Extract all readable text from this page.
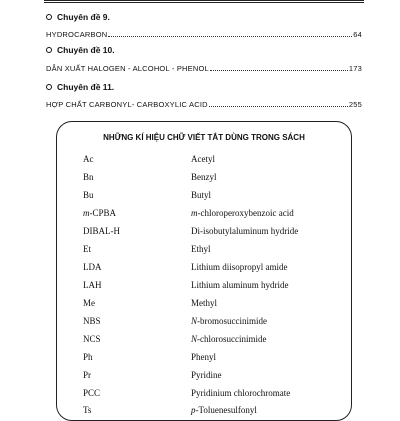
Chuyên đề 9.
HYDROCARBON	64
Chuyên đề 10.
DẪN XUẤT HALOGEN - ALCOHOL - PHENOL	173
Chuyên đề 11.
HỢP CHẤT CARBONYL- CARBOXYLIC ACID	255
NHỮNG KÍ HIỆU CHỮ VIẾT TẮT DÙNG TRONG SÁCH
Ac	Acetyl
Bn	Benzyl
Bu	Butyl
m-CPBA	m-chloroperoxybenzoic acid
DIBAL-H	Di-isobutylaluminum hydride
Et	Ethyl
LDA	Lithium diisopropyl amide
LAH	Lithium aluminum hydride
Me	Methyl
NBS	N-bromosuccinimide
NCS	N-chlorosuccinimide
Ph	Phenyl
Pr	Pyridine
PCC	Pyridinium chlorochromate
Ts	p-Toluenesulfonyl
